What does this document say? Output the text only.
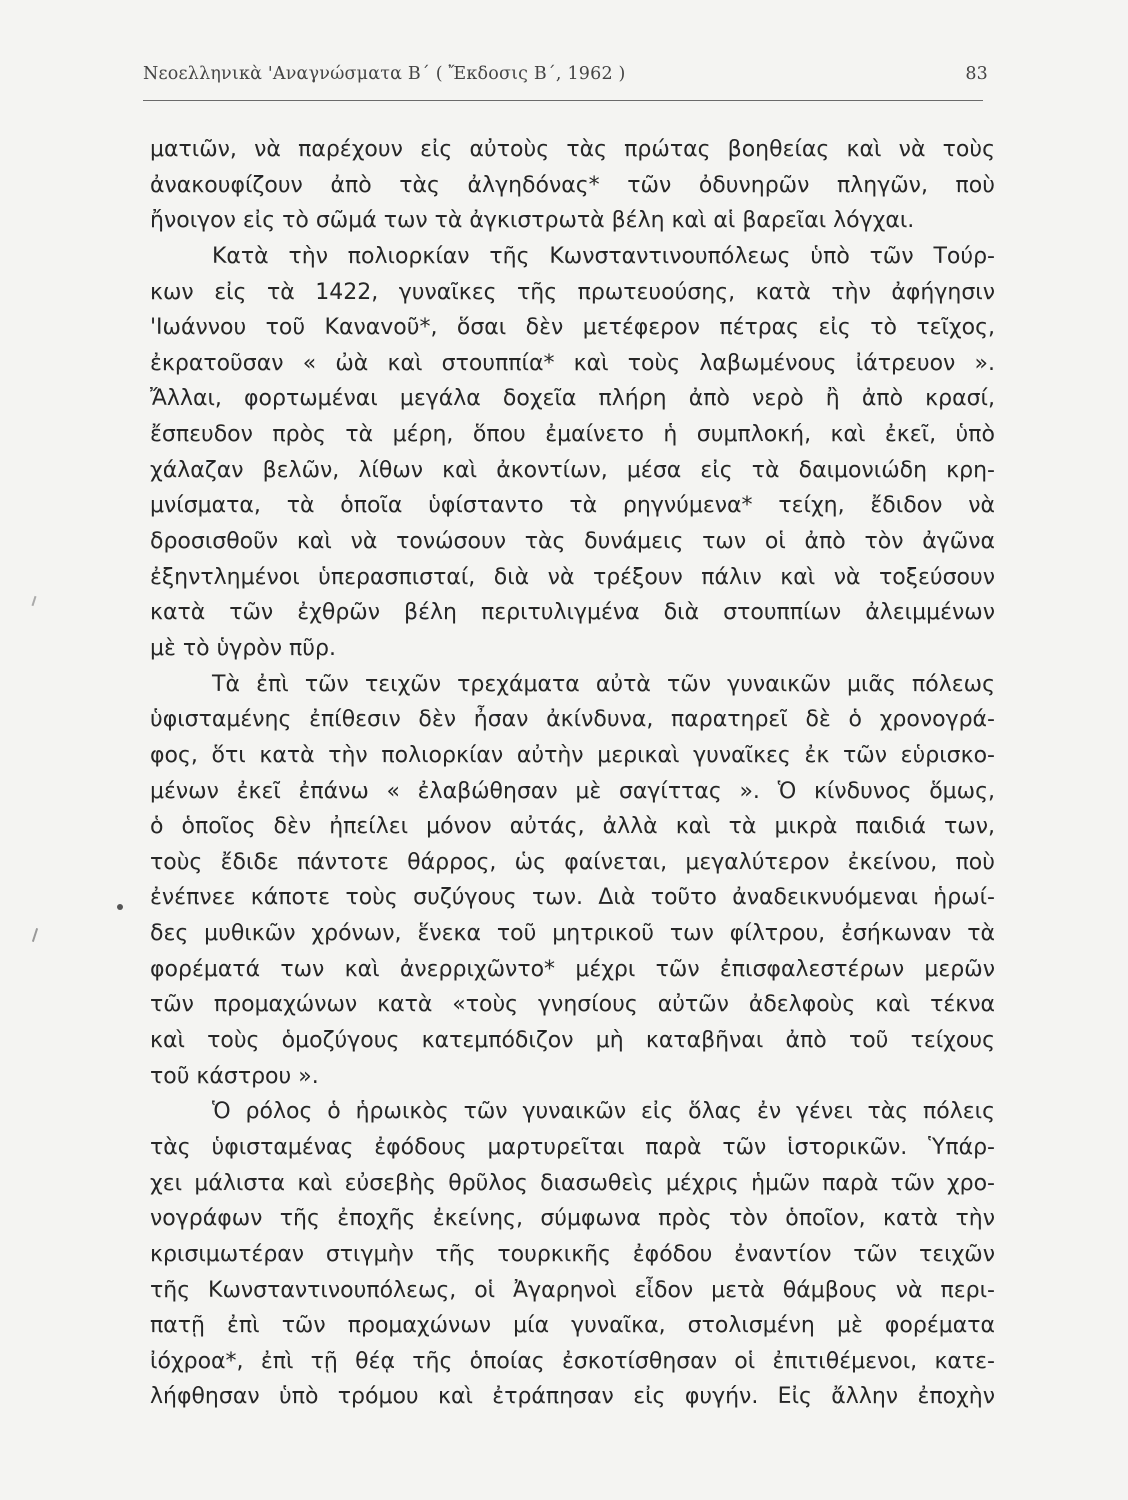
Νεοελληνικὰ 'Αναγνώσματα Β΄ ( Ἔκδοσις Β΄, 1962 )	83
ματιῶν, νὰ παρέχουν εἰς αὐτοὺς τὰς πρώτας βοηθείας καὶ νὰ τοὺς
ἀνακουφίζουν ἀπὸ τὰς ἀλγηδόνας* τῶν ὀδυνηρῶν πληγῶν, ποὺ
ἤνοιγον εἰς τὸ σῶμά των τὰ ἀγκιστρωτὰ βέλη καὶ αἱ βαρεῖαι λόγχαι.
Κατὰ τὴν πολιορκίαν τῆς Κωνσταντινουπόλεως ὑπὸ τῶν Τούρ-
κων εἰς τὰ 1422, γυναῖκες τῆς πρωτευούσης, κατὰ τὴν ἀφήγησιν
'Ιωάννου τοῦ Καναvοῦ*, ὅσαι δὲν μετέφερον πέτρας εἰς τὸ τεῖχος,
ἐκρατοῦσαν « ὠὰ καὶ στουππία* καὶ τοὺς λαβωμένους ἰάτρευον ».
Ἄλλαι, φορτωμέναι μεγάλα δοχεῖα πλήρη ἀπὸ νερὸ ἢ ἀπὸ κρασί,
ἔσπευδον πρὸς τὰ μέρη, ὅπου ἐμαίνετο ἡ συμπλοκή, καὶ ἐκεῖ, ὑπὸ
χάλαζαν βελῶν, λίθων καὶ ἀκοντίων, μέσα εἰς τὰ δαιμονιώδη κρη-
μνίσματα, τὰ ὁποῖα ὑφίσταντο τὰ ρηγνύμενα* τείχη, ἔδιδον νὰ
δροσισθοῦν καὶ νὰ τονώσουν τὰς δυνάμεις των οἱ ἀπὸ τὸν ἀγῶνα
ἐξηντλημένοι ὑπερασπισταί, διὰ νὰ τρέξουν πάλιν καὶ νὰ τοξεύσουν
κατὰ τῶν ἐχθρῶν βέλη περιτυλιγμένα διὰ στουππίων ἀλειμμένων
μὲ τὸ ὑγρὸν πῦρ.
Τὰ ἐπὶ τῶν τειχῶν τρεχάματα αὐτὰ τῶν γυναικῶν μιᾶς πόλεως
ὑφισταμένης ἐπίθεσιν δὲν ἦσαν ἀκίνδυνα, παρατηρεῖ δὲ ὁ χρονογρά-
φος, ὅτι κατὰ τὴν πολιορκίαν αὐτὴν μερικαὶ γυναῖκες ἐκ τῶν εὑρισκο-
μένων ἐκεῖ ἐπάνω « ἐλαβώθησαν μὲ σαγίττας ». Ὁ κίνδυνος ὅμως,
ὁ ὁποῖος δὲν ἠπείλει μόνον αὐτάς, ἀλλὰ καὶ τὰ μικρὰ παιδιά των,
τοὺς ἔδιδε πάντοτε θάρρος, ὡς φαίνεται, μεγαλύτερον ἐκείνου, ποὺ
ἐνέπνεε κάποτε τοὺς συζύγους των. Διὰ τοῦτο ἀναδεικνυόμεναι ἡρωί-
δες μυθικῶν χρόνων, ἕνεκα τοῦ μητρικοῦ των φίλτρου, ἐσήκωναν τὰ
φορέματά των καὶ ἀνερριχῶντο* μέχρι τῶν ἐπισφαλεστέρων μερῶν
τῶν προμαχώνων κατὰ «τοὺς γνησίους αὐτῶν ἀδελφοὺς καὶ τέκνα
καὶ τοὺς ὁμοζύγους κατεμπόδιζον μὴ καταβῆναι ἀπὸ τοῦ τείχους
τοῦ κάστρου ».
Ὁ ρόλος ὁ ἡρωικὸς τῶν γυναικῶν εἰς ὅλας ἐν γένει τὰς πόλεις
τὰς ὑφισταμένας ἐφόδους μαρτυρεῖται παρὰ τῶν ἱστορικῶν. Ὑπάρ-
χει μάλιστα καὶ εὐσεβὴς θρῦλος διασωθεὶς μέχρις ἡμῶν παρὰ τῶν χρο-
νογράφων τῆς ἐποχῆς ἐκείνης, σύμφωνα πρὸς τὸν ὁποῖον, κατὰ τὴν
κρισιμωτέραν στιγμὴν τῆς τουρκικῆς ἐφόδου ἐναντίον τῶν τειχῶν
τῆς Κωνσταντινουπόλεως, οἱ Ἀγαρηνοὶ εἶδον μετὰ θάμβους νὰ περι-
πατῇ ἐπὶ τῶν προμαχώνων μία γυναῖκα, στολισμένη μὲ φορέματα
ἰόχροα*, ἐπὶ τῇ θέᾳ τῆς ὁποίας ἐσκοτίσθησαν οἱ ἐπιτιθέμενοι, κατε-
λήφθησαν ὑπὸ τρόμου καὶ ἐτράπησαν εἰς φυγήν. Εἰς ἄλλην ἐποχὴν
